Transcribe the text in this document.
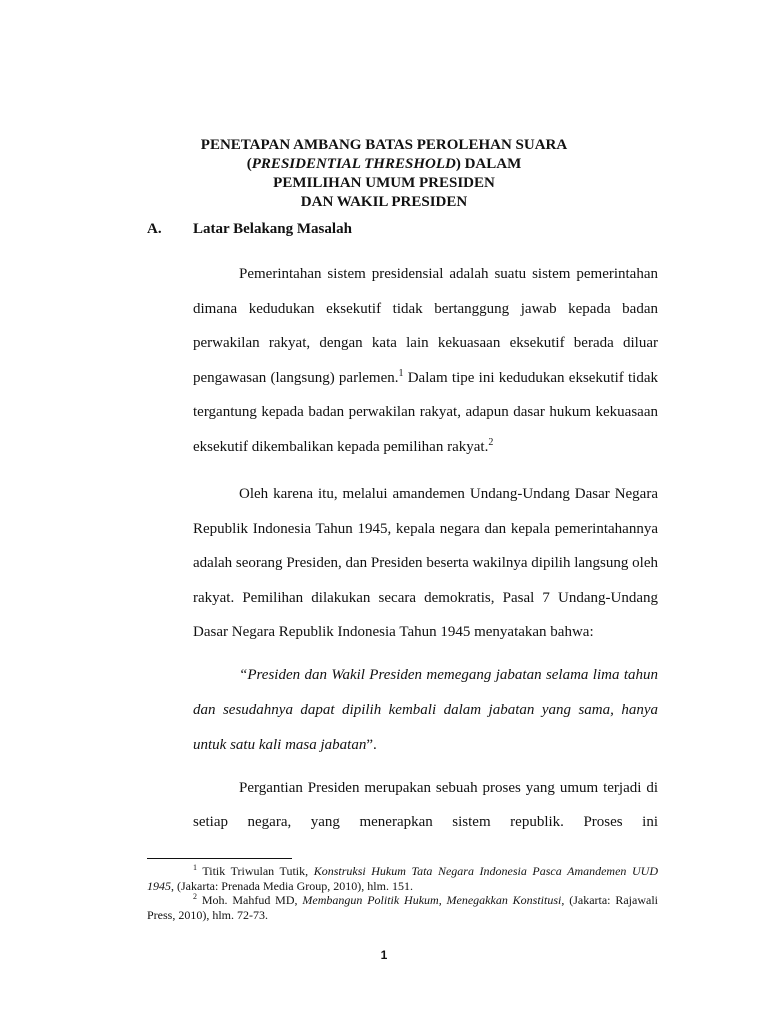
PENETAPAN AMBANG BATAS PEROLEHAN SUARA
(PRESIDENTIAL THRESHOLD) DALAM
PEMILIHAN UMUM PRESIDEN
DAN WAKIL PRESIDEN
A. Latar Belakang Masalah

Pemerintahan sistem presidensial adalah suatu sistem pemerintahan dimana kedudukan eksekutif tidak bertanggung jawab kepada badan perwakilan rakyat, dengan kata lain kekuasaan eksekutif berada diluar pengawasan (langsung) parlemen.$^1$ Dalam tipe ini kedudukan eksekutif tidak tergantung kepada badan perwakilan rakyat, adapun dasar hukum kekuasaan eksekutif dikembalikan kepada pemilihan rakyat.$^2$

Oleh karena itu, melalui amandemen Undang-Undang Dasar Negara Republik Indonesia Tahun 1945, kepala negara dan kepala pemerintahannya adalah seorang Presiden, dan Presiden beserta wakilnya dipilih langsung oleh rakyat. Pemilihan dilakukan secara demokratis, Pasal 7 Undang-Undang Dasar Negara Republik Indonesia Tahun 1945 menyatakan bahwa:

“Presiden dan Wakil Presiden memegang jabatan selama lima tahun dan sesudahnya dapat dipilih kembali dalam jabatan yang sama, hanya untuk satu kali masa jabatan”.

Pergantian Presiden merupakan sebuah proses yang umum terjadi di setiap negara, yang menerapkan sistem republik. Proses ini

$^1$ Titik Triwulan Tutik, Konstruksi Hukum Tata Negara Indonesia Pasca Amandemen UUD 1945, (Jakarta: Prenada Media Group, 2010), hlm. 151.

$^2$ Moh. Mahfud MD, Membangun Politik Hukum, Menegakkan Konstitusi, (Jakarta: Rajawali Press, 2010), hlm. 72-73.

1
